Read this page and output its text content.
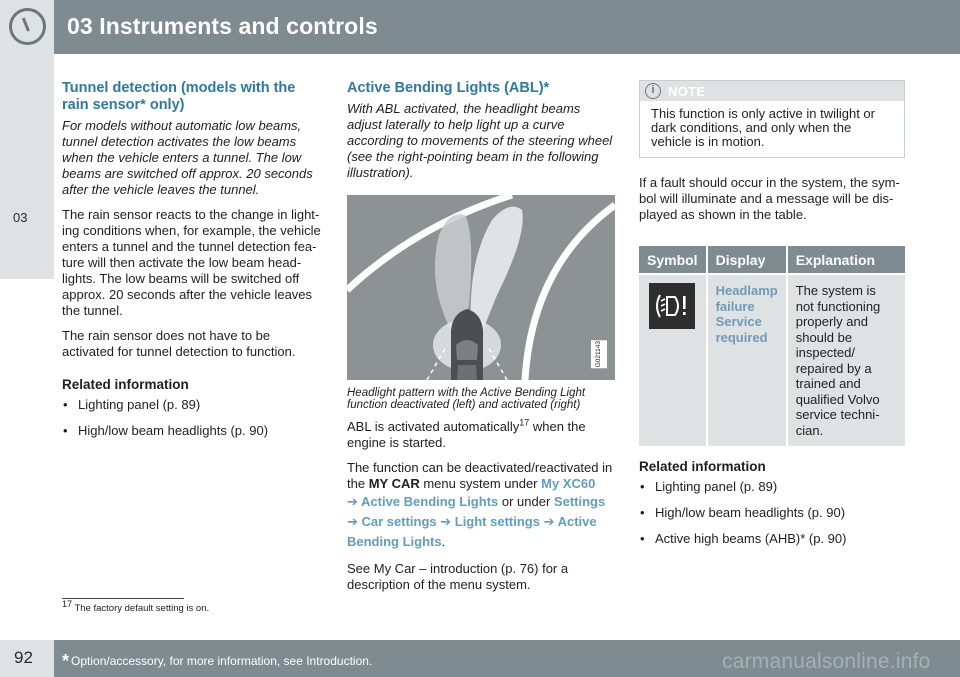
03 Instruments and controls
03
Tunnel detection (models with the rain sensor* only)
For models without automatic low beams, tunnel detection activates the low beams when the vehicle enters a tunnel. The low beams are switched off approx. 20 seconds after the vehicle leaves the tunnel.
The rain sensor reacts to the change in lighting conditions when, for example, the vehicle enters a tunnel and the tunnel detection feature will then activate the low beam headlights. The low beams will be switched off approx. 20 seconds after the vehicle leaves the tunnel.
The rain sensor does not have to be activated for tunnel detection to function.
Related information
• Lighting panel (p. 89)
• High/low beam headlights (p. 90)
Active Bending Lights (ABL)*
With ABL activated, the headlight beams adjust laterally to help light up a curve according to movements of the steering wheel (see the right-pointing beam in the following illustration).
G021143
Headlight pattern with the Active Bending Light function deactivated (left) and activated (right)
ABL is activated automatically$^{17}$ when the engine is started.
The function can be deactivated/reactivated in the MY CAR menu system under My XC60
➔ Active Bending Lights or under Settings
➔ Car settings ➔ Light settings ➔ Active Bending Lights.
See My Car – introduction (p. 76) for a description of the menu system.
i	NOTE
This function is only active in twilight or dark conditions, and only when the vehicle is in motion.
If a fault should occur in the system, the symbol will illuminate and a message will be displayed as shown in the table.
Symbol	Display	Explanation

	Headlamp failure Service required	The system is not functioning properly and should be inspected/ repaired by a trained and qualified Volvo service technician.
Related information
• Lighting panel (p. 89)
• High/low beam headlights (p. 90)
• Active high beams (AHB)* (p. 90)
17 The factory default setting is on.
92 * Option/accessory, for more information, see Introduction.	carmanualsonline.info
